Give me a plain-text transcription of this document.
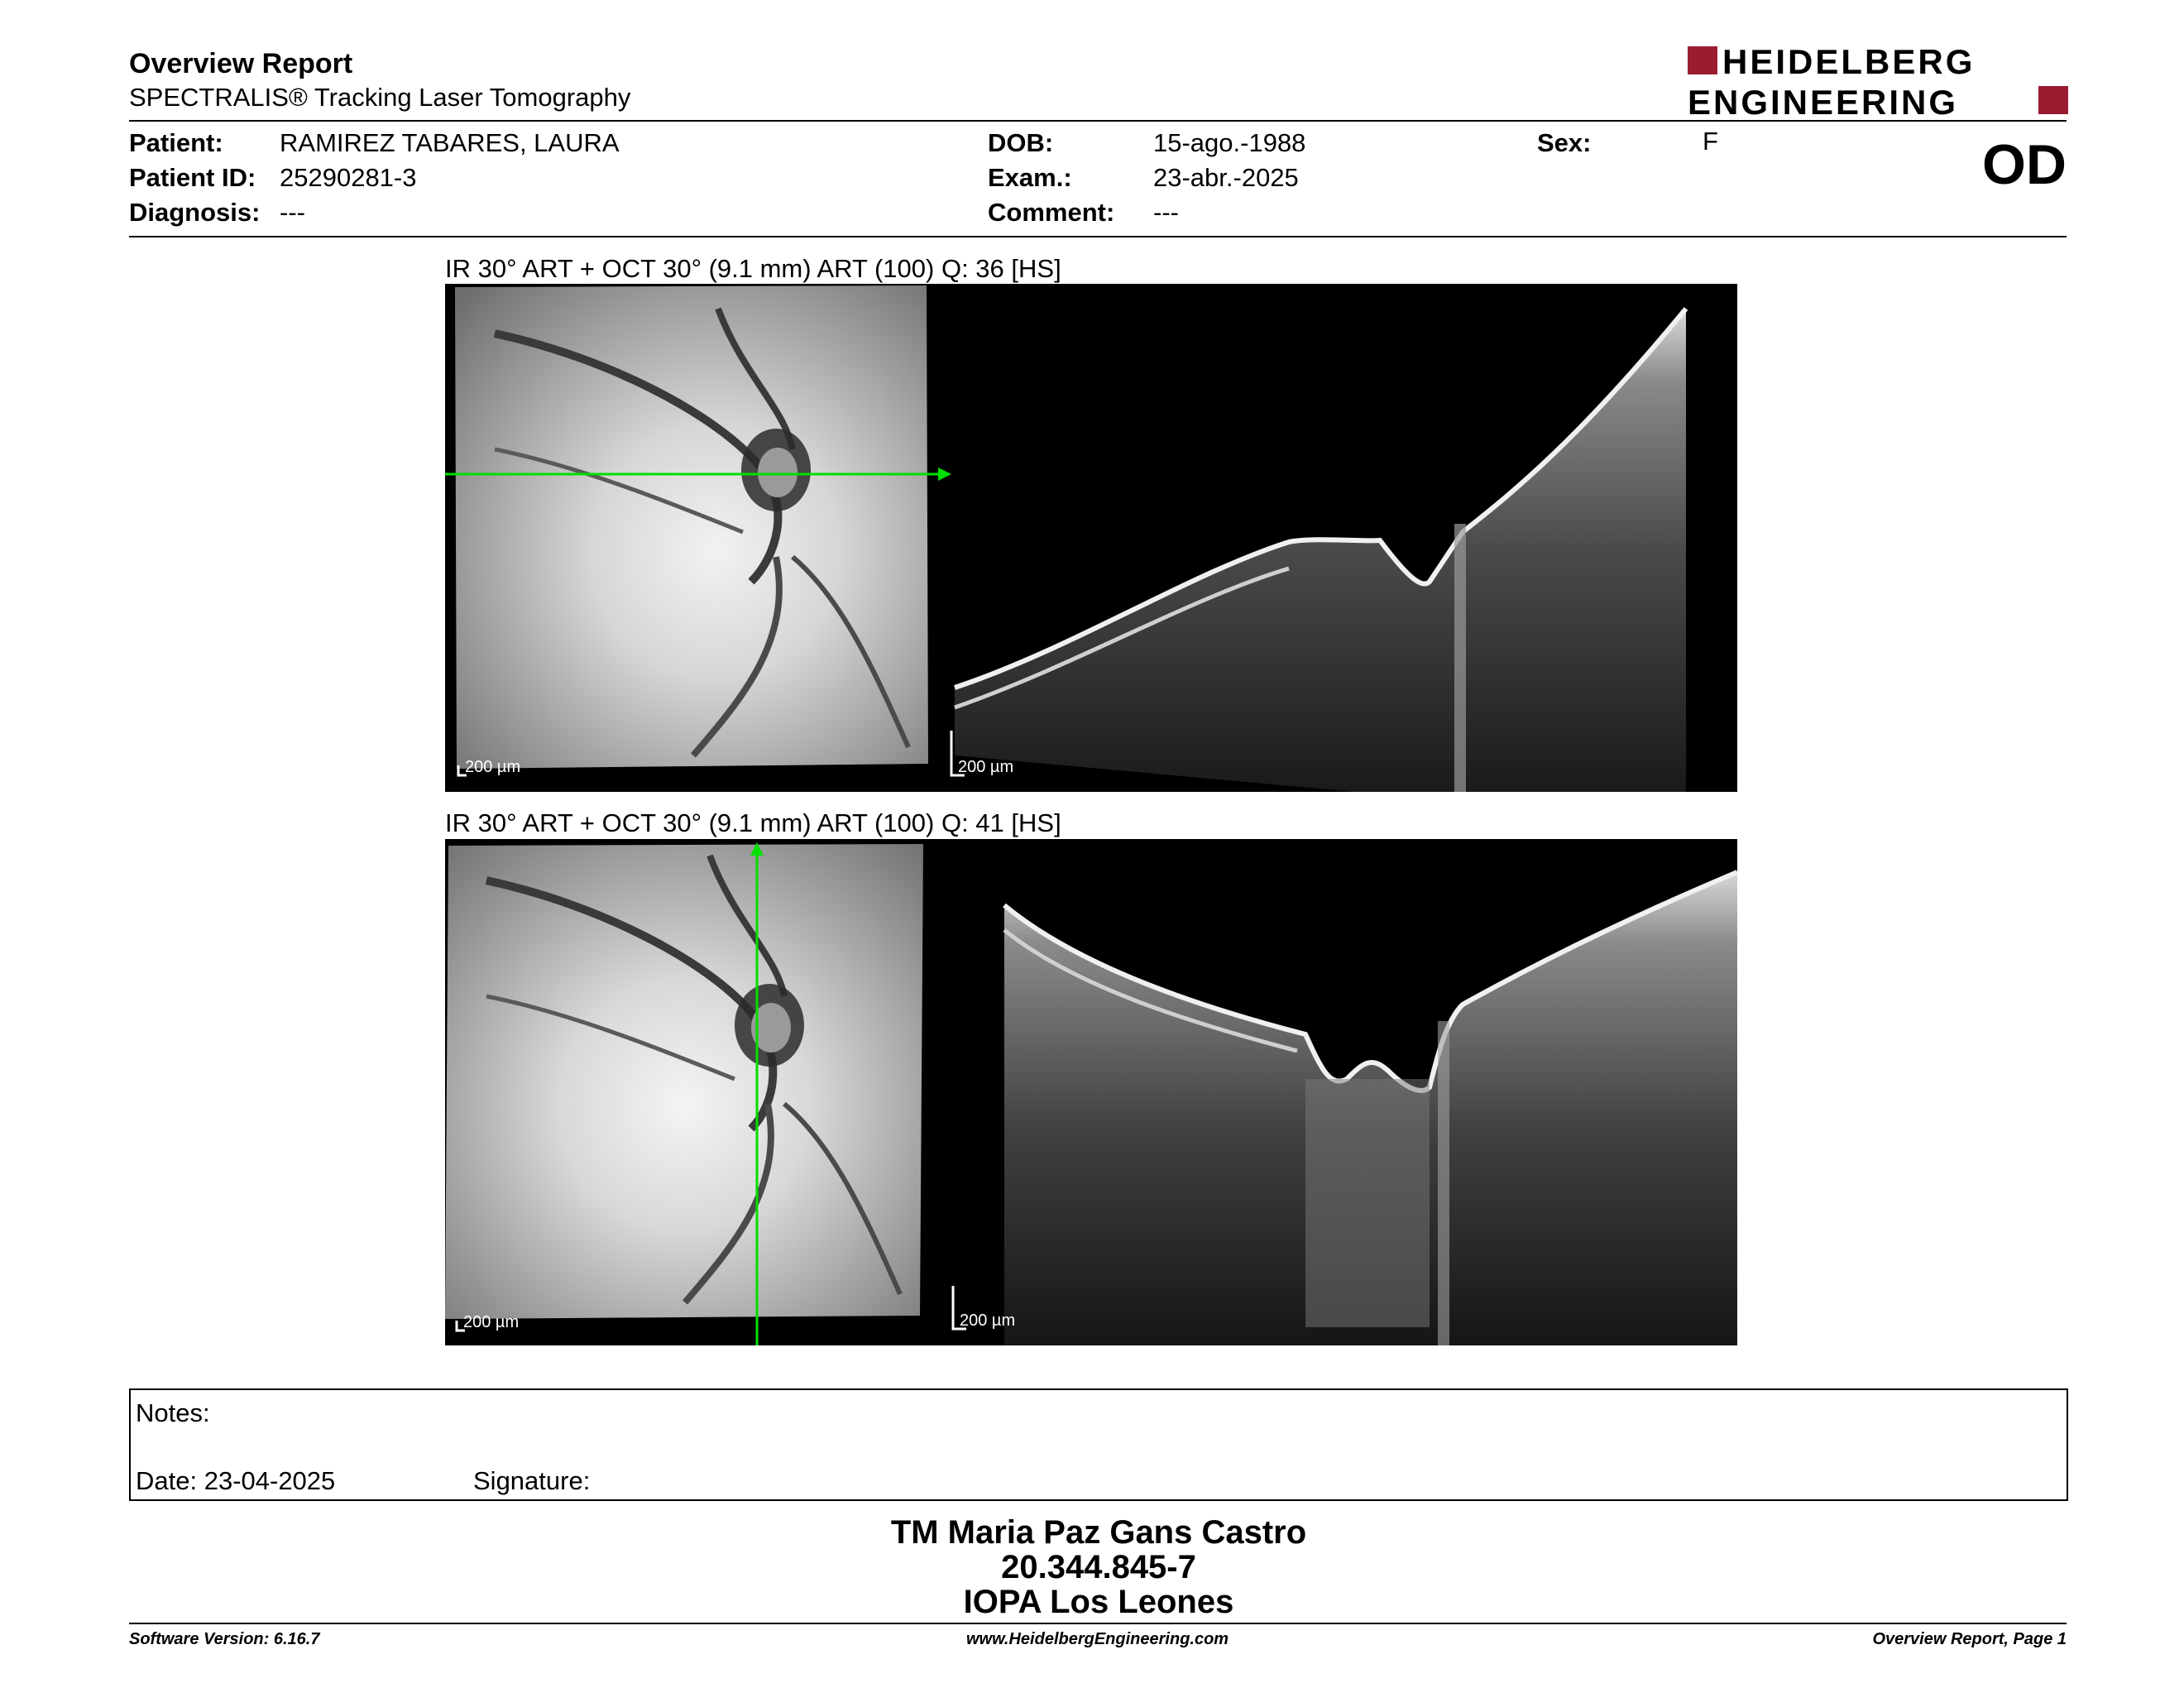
Overview Report
SPECTRALIS® Tracking Laser Tomography
HEIDELBERG
ENGINEERING
Patient: RAMIREZ TABARES, LAURA
Patient ID: 25290281-3
Diagnosis: ---
DOB:	15-ago.-1988
Exam.:	23-abr.-2025
Comment: ---
Sex:	F	OD
IR 30° ART + OCT 30° (9.1 mm) ART (100) Q: 36 [HS]
200 µm	200 µm
IR 30° ART + OCT 30° (9.1 mm) ART (100) Q: 41 [HS]
200 µm	200 µm
Notes:
Date: 23-04-2025	Signature:
TM Maria Paz Gans Castro
20.344.845-7
IOPA Los Leones
Software Version: 6.16.7	www.HeidelbergEngineering.com	Overview Report, Page 1
